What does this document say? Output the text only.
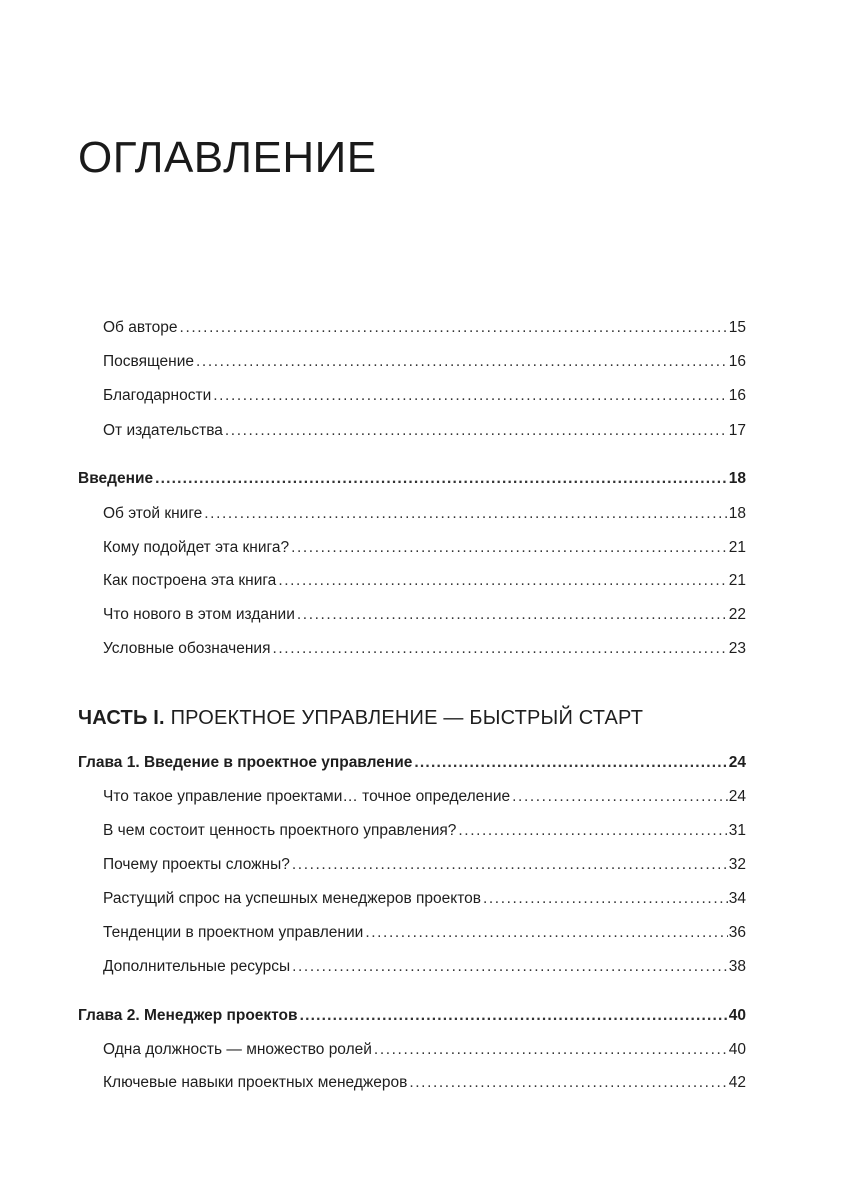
ОГЛАВЛЕНИЕ
Об авторе .....	15
Посвящение .....	16
Благодарности .....	16
От издательства .....	17
Введение .....	18
Об этой книге .....	18
Кому подойдет эта книга? .....	21
Как построена эта книга .....	21
Что нового в этом издании .....	22
Условные обозначения .....	23
ЧАСТЬ I. ПРОЕКТНОЕ УПРАВЛЕНИЕ — БЫСТРЫЙ СТАРТ
Глава 1. Введение в проектное управление .....	24
Что такое управление проектами… точное определение .....	24
В чем состоит ценность проектного управления? .....	31
Почему проекты сложны? .....	32
Растущий спрос на успешных менеджеров проектов .....	34
Тенденции в проектном управлении .....	36
Дополнительные ресурсы .....	38
Глава 2. Менеджер проектов .....	40
Одна должность — множество ролей .....	40
Ключевые навыки проектных менеджеров .....	42
